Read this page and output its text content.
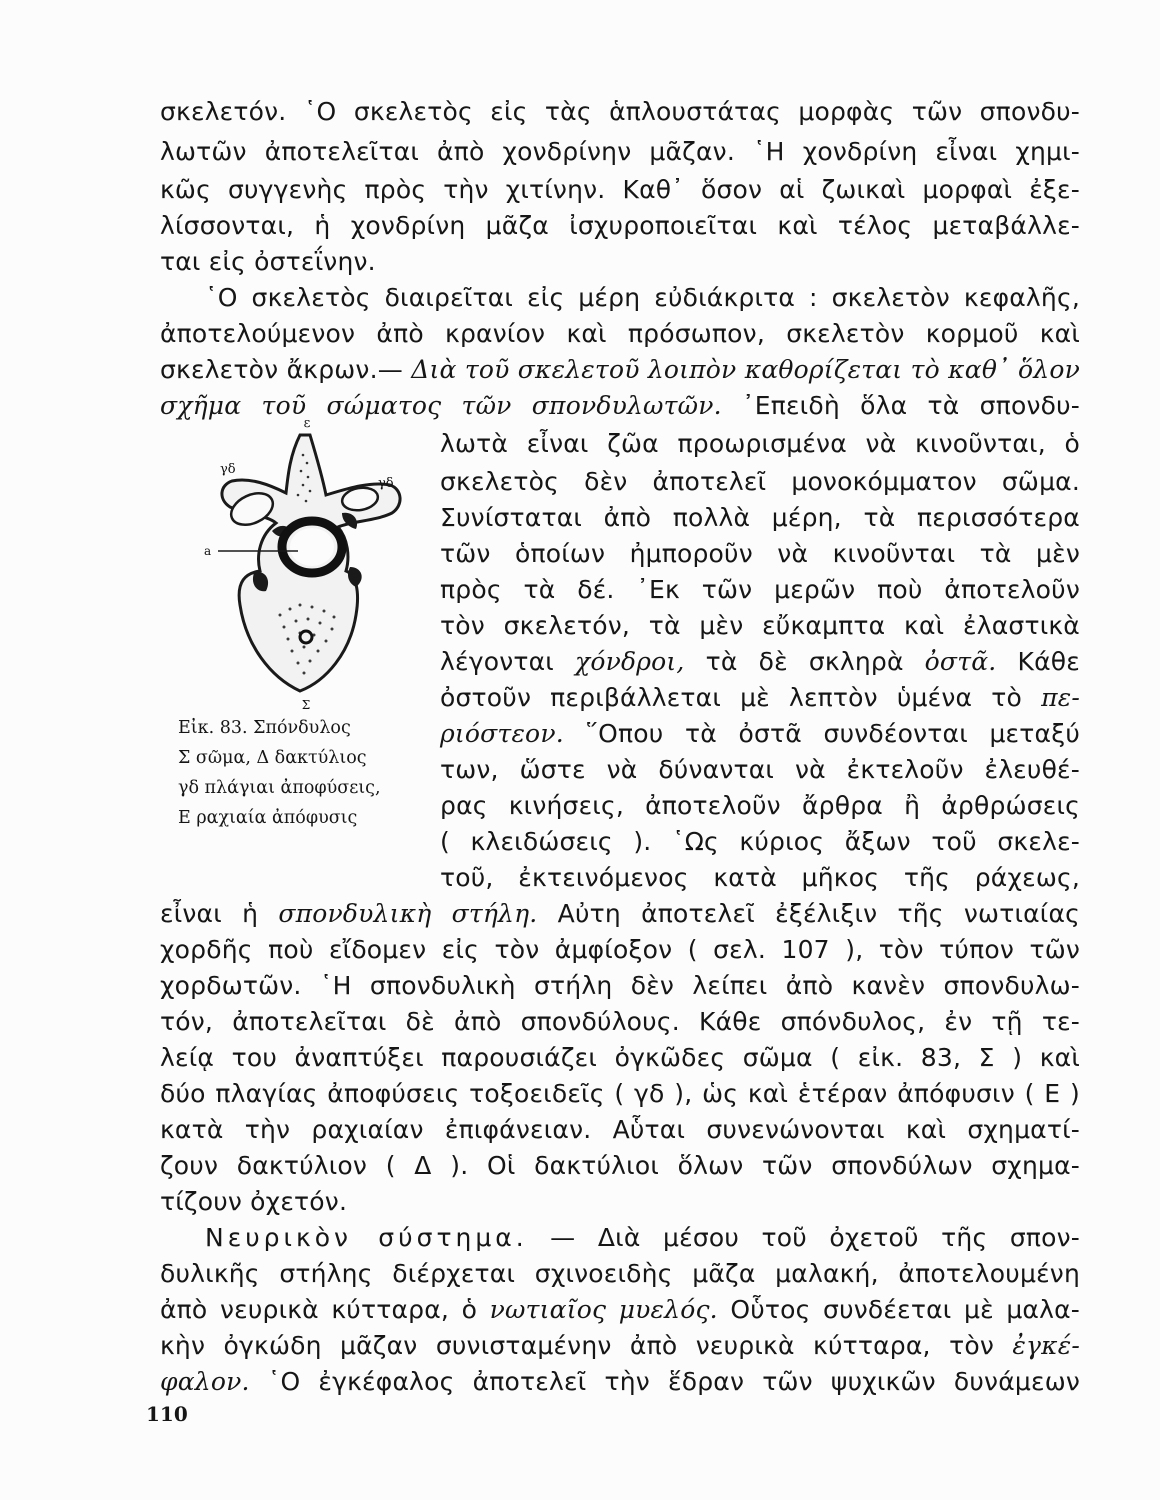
σκελετόν. ῾Ο σκελετὸς εἰς τὰς ἁπλουστάτας μορφὰς τῶν σπονδυ-
λωτῶν ἀποτελεῖται ἀπὸ χονδρίνην μᾶζαν. ῾Η χονδρίνη εἶναι χημι-
κῶς συγγενὴς πρὸς τὴν χιτίνην. Καθ᾽ ὅσον αἱ ζωικαὶ μορφαὶ ἐξε-
λίσσονται, ἡ χονδρίνη μᾶζα ἰσχυροποιεῖται καὶ τέλος μεταβάλλε-
ται εἰς ὀστεΐνην.
῾Ο σκελετὸς διαιρεῖται εἰς μέρη εὐδιάκριτα : σκελετὸν κεφαλῆς,
ἀποτελούμενον ἀπὸ κρανίον καὶ πρόσωπον, σκελετὸν κορμοῦ καὶ
σκελετὸν ἄκρων.— Διὰ τοῦ σκελετοῦ λοιπὸν καθορίζεται τὸ καθ᾽ ὅλον
σχῆμα τοῦ σώματος τῶν σπονδυλωτῶν. ᾽Επειδὴ ὅλα τὰ σπονδυ-
λωτὰ εἶναι ζῶα προωρισμένα νὰ κινοῦνται, ὁ
σκελετὸς δὲν ἀποτελεῖ μονοκόμματον σῶμα.
Συνίσταται ἀπὸ πολλὰ μέρη, τὰ περισσότερα
τῶν ὁποίων ἠμποροῦν νὰ κινοῦνται τὰ μὲν
πρὸς τὰ δέ. ᾽Εκ τῶν μερῶν ποὺ ἀποτελοῦν
τὸν σκελετόν, τὰ μὲν εὔκαμπτα καὶ ἐλαστικὰ
λέγονται χόνδροι, τὰ δὲ σκληρὰ ὀστᾶ. Κάθε
ὀστοῦν περιβάλλεται μὲ λεπτὸν ὑμένα τὸ πε-
ριόστεον. ῞Οπου τὰ ὀστᾶ συνδέονται μεταξύ
των, ὥστε νὰ δύνανται νὰ ἐκτελοῦν ἐλευθέ-
ρας κινήσεις, ἀποτελοῦν ἄρθρα ἢ ἀρθρώσεις
( κλειδώσεις ). ῾Ως κύριος ἄξων τοῦ σκελε-
τοῦ, ἐκτεινόμενος κατὰ μῆκος τῆς ράχεως,
εἶναι ἡ σπονδυλικὴ στήλη. Αὐτη ἀποτελεῖ ἐξέλιξιν τῆς νωτιαίας
χορδῆς ποὺ εἴδομεν εἰς τὸν ἀμφίοξον ( σελ. 107 ), τὸν τύπον τῶν
χορδωτῶν. ῾Η σπονδυλικὴ στήλη δὲν λείπει ἀπὸ κανὲν σπονδυλω-
τόν, ἀποτελεῖται δὲ ἀπὸ σπονδύλους. Κάθε σπόνδυλος, ἐν τῇ τε-
λείᾳ του ἀναπτύξει παρουσιάζει ὀγκῶδες σῶμα ( εἰκ. 83, Σ ) καὶ
δύο πλαγίας ἀποφύσεις τοξοειδεῖς ( γδ ), ὡς καὶ ἑτέραν ἀπόφυσιν ( Ε )
κατὰ τὴν ραχιαίαν ἐπιφάνειαν. Αὗται συνενώνονται καὶ σχηματί-
ζουν δακτύλιον ( Δ ). Οἱ δακτύλιοι ὅλων τῶν σπονδύλων σχημα-
τίζουν ὀχετόν.
ε
γδ
γδ
a
Σ
Εἰκ. 83. Σπόνδυλος
Σ σῶμα, Δ δακτύλιος
γδ πλάγιαι ἀποφύσεις,
Ε ραχιαία ἀπόφυσις
Νευρικὸν σύστημα. — Διὰ μέσου τοῦ ὀχετοῦ τῆς σπον-
δυλικῆς στήλης διέρχεται σχινοειδὴς μᾶζα μαλακή, ἀποτελουμένη
ἀπὸ νευρικὰ κύτταρα, ὁ νωτιαῖος μυελός. Οὗτος συνδέεται μὲ μαλα-
κὴν ὀγκώδη μᾶζαν συνισταμένην ἀπὸ νευρικὰ κύτταρα, τὸν ἐγκέ-
φαλον. ῾Ο ἐγκέφαλος ἀποτελεῖ τὴν ἕδραν τῶν ψυχικῶν δυνάμεων
110
